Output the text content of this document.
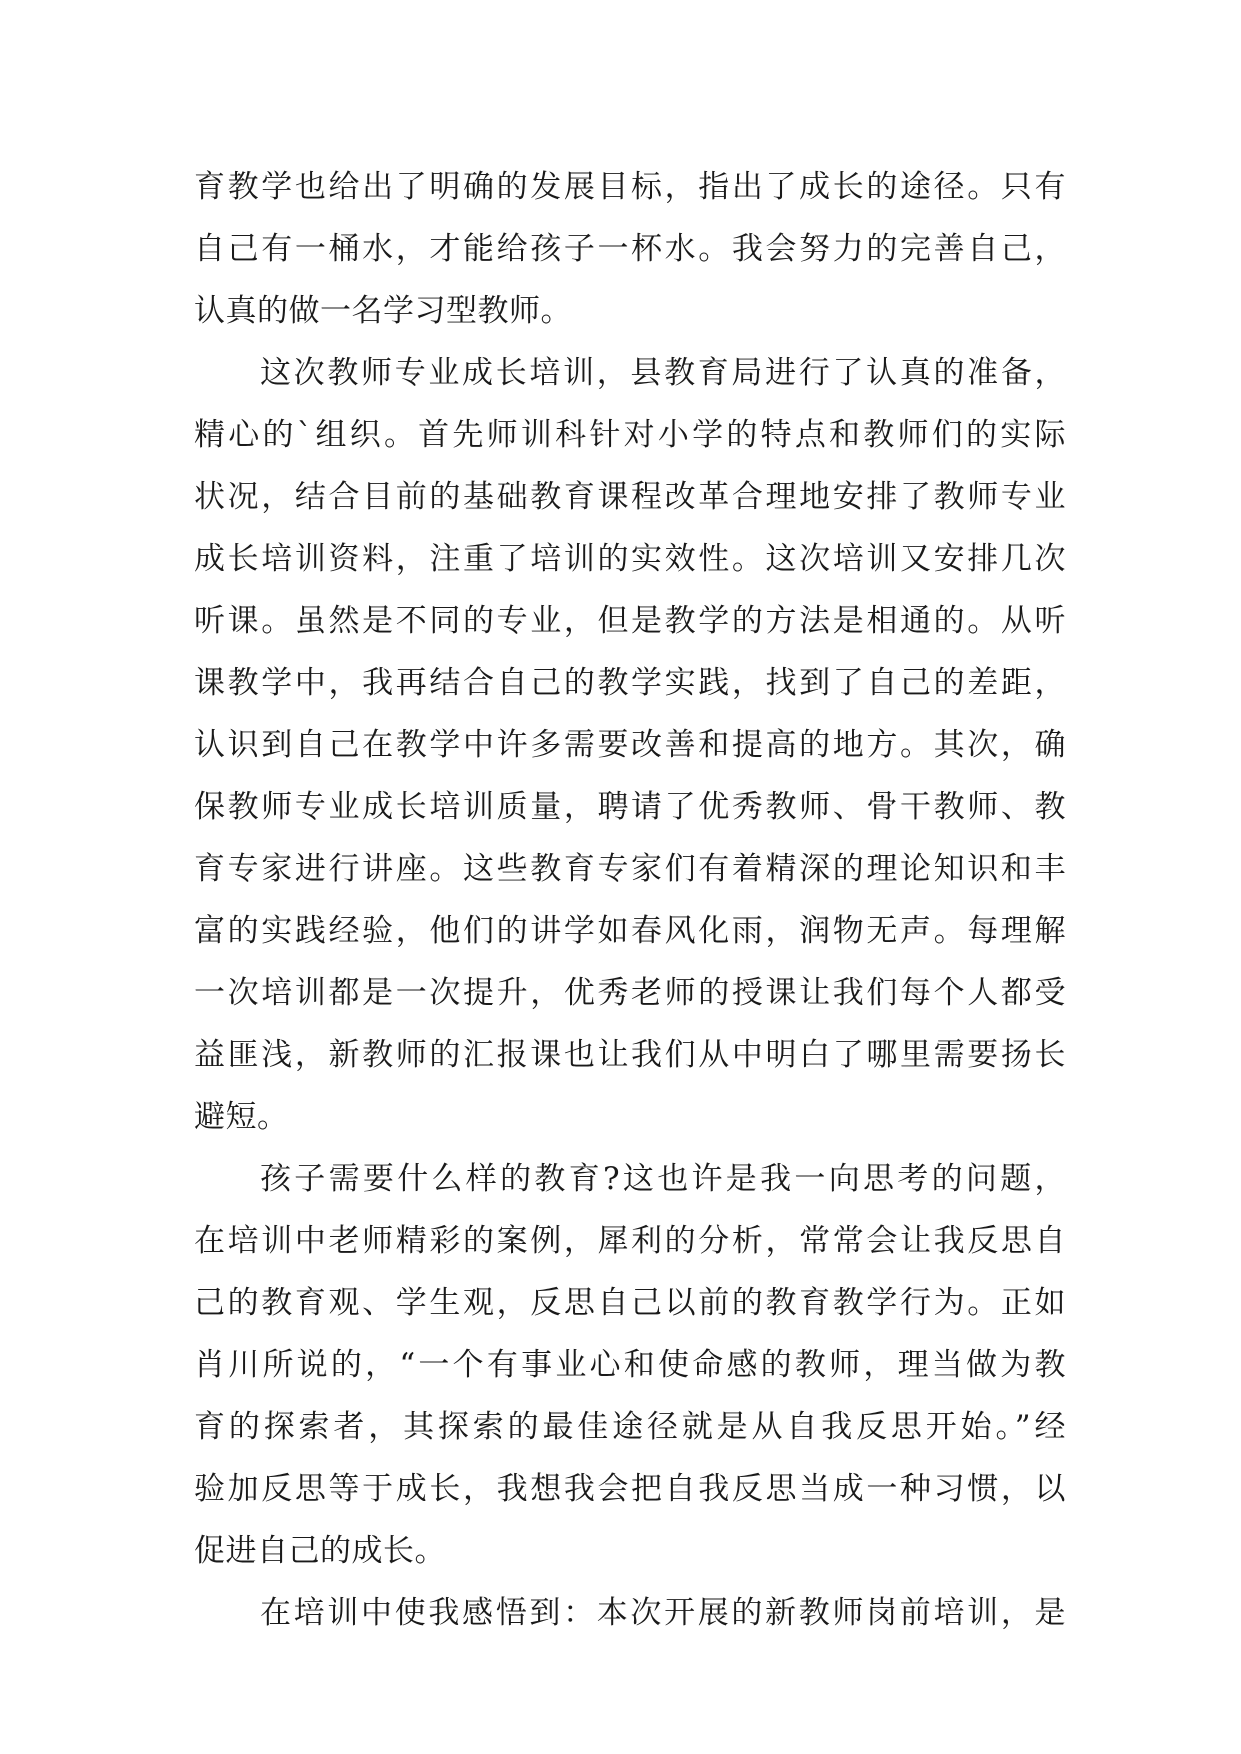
育教学也给出了明确的发展目标，指出了成长的途径。只有
自己有一桶水，才能给孩子一杯水。我会努力的完善自己，
认真的做一名学习型教师。
这次教师专业成长培训，县教育局进行了认真的准备，
精心的`组织。首先师训科针对小学的特点和教师们的实际
状况，结合目前的基础教育课程改革合理地安排了教师专业
成长培训资料，注重了培训的实效性。这次培训又安排几次
听课。虽然是不同的专业，但是教学的方法是相通的。从听
课教学中，我再结合自己的教学实践，找到了自己的差距，
认识到自己在教学中许多需要改善和提高的地方。其次，确
保教师专业成长培训质量，聘请了优秀教师、骨干教师、教
育专家进行讲座。这些教育专家们有着精深的理论知识和丰
富的实践经验，他们的讲学如春风化雨，润物无声。每理解
一次培训都是一次提升，优秀老师的授课让我们每个人都受
益匪浅，新教师的汇报课也让我们从中明白了哪里需要扬长
避短。
孩子需要什么样的教育?这也许是我一向思考的问题，
在培训中老师精彩的案例，犀利的分析，常常会让我反思自
己的教育观、学生观，反思自己以前的教育教学行为。正如
肖川所说的，“一个有事业心和使命感的教师，理当做为教
育的探索者，其探索的最佳途径就是从自我反思开始。”经
验加反思等于成长，我想我会把自我反思当成一种习惯，以
促进自己的成长。
在培训中使我感悟到：本次开展的新教师岗前培训，是
